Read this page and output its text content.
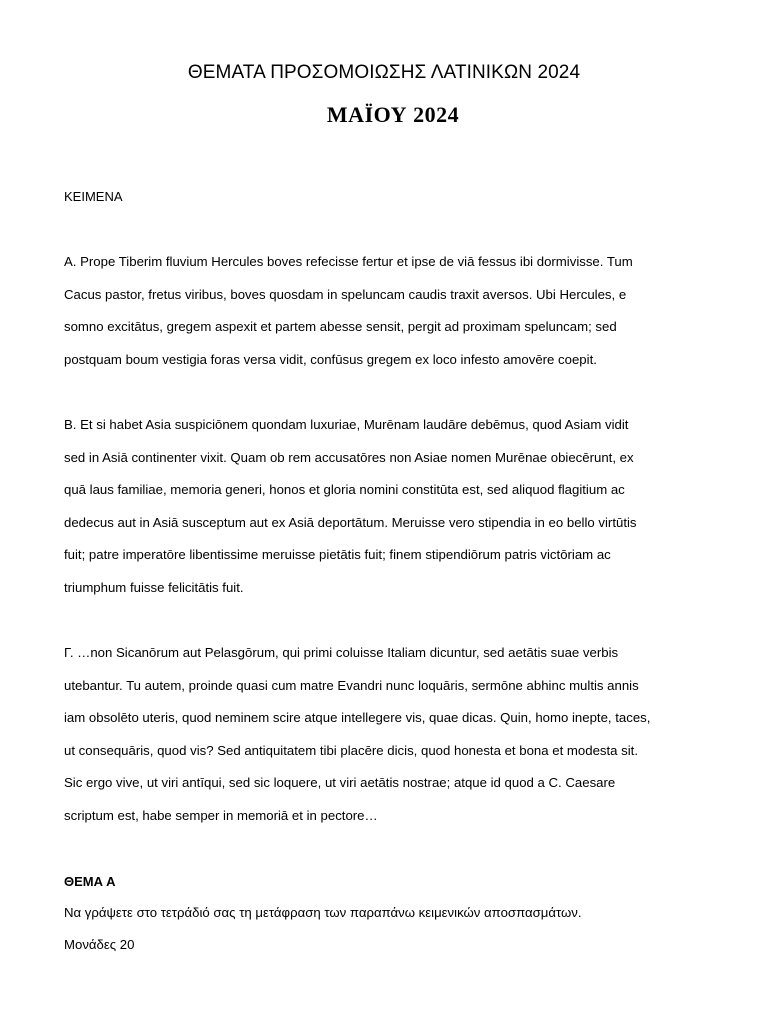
ΘΕΜΑΤΑ ΠΡΟΣΟΜΟΙΩΣΗΣ ΛΑΤΙΝΙΚΩΝ 2024
ΜΑΪΟΥ 2024
ΚΕΙΜΕΝΑ
A. Prope Tiberim fluvium Hercules boves refecisse fertur et ipse de viā fessus ibi dormivisse. Tum
Cacus pastor, fretus viribus, boves quosdam in speluncam caudis traxit aversos. Ubi Hercules, e
somno excitātus, gregem aspexit et partem abesse sensit, pergit ad proximam speluncam; sed
postquam boum vestigia foras versa vidit, confūsus gregem ex loco infesto amovēre coepit.
B. Et si habet Asia suspiciōnem quondam luxuriae, Murēnam laudāre debēmus, quod Asiam vidit
sed in Asiā continenter vixit. Quam ob rem accusatōres non Asiae nomen Murēnae obiecērunt, ex
quā laus familiae, memoria generi, honos et gloria nomini constitūta est, sed aliquod flagitium ac
dedecus aut in Asiā susceptum aut ex Asiā deportātum. Meruisse vero stipendia in eo bello virtūtis
fuit; patre imperatōre libentissime meruisse pietātis fuit; finem stipendiōrum patris victōriam ac
triumphum fuisse felicitātis fuit.
Γ. …non Sicanōrum aut Pelasgōrum, qui primi coluisse Italiam dicuntur, sed aetātis suae verbis
utebantur. Tu autem, proinde quasi cum matre Evandri nunc loquāris, sermōne abhinc multis annis
iam obsolēto uteris, quod neminem scire atque intellegere vis, quae dicas. Quin, homo inepte, taces,
ut consequāris, quod vis? Sed antiquitatem tibi placēre dicis, quod honesta et bona et modesta sit.
Sic ergo vive, ut viri antīqui, sed sic loquere, ut viri aetātis nostrae; atque id quod a C. Caesare
scriptum est, habe semper in memoriā et in pectore…
ΘΕΜΑ Α
Να γράψετε στο τετράδιό σας τη μετάφραση των παραπάνω κειμενικών αποσπασμάτων.
Μονάδες 20
